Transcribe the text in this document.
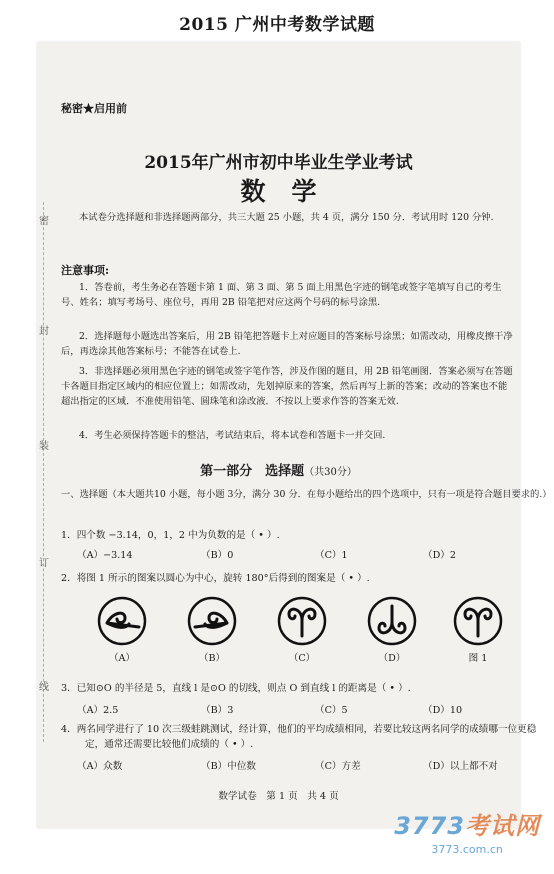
2015 广州中考数学试题
密
封
装
订
线
秘密★启用前
2015年广州市初中毕业生学业考试
数学
本试卷分选择题和非选择题两部分，共三大题 25 小题，共 4 页，满分 150 分．考试用时 120 分钟.
注意事项:
1．答卷前，考生务必在答题卡第 1 面、第 3 面、第 5 面上用黑色字迹的钢笔或签字笔填写自己的考生号、姓名；填写考场号、座位号，再用 2B 铅笔把对应这两个号码的标号涂黑.
2．选择题每小题选出答案后，用 2B 铅笔把答题卡上对应题目的答案标号涂黑；如需改动，用橡皮擦干净后，再选涂其他答案标号；不能答在试卷上.
3．非选择题必须用黑色字迹的钢笔或签字笔作答，涉及作图的题目，用 2B 铅笔画图．答案必须写在答题卡各题目指定区域内的相应位置上；如需改动，先划掉原来的答案，然后再写上新的答案；改动的答案也不能超出指定的区域．不准使用铅笔、圆珠笔和涂改液．不按以上要求作答的答案无效.
4．考生必须保持答题卡的整洁，考试结束后，将本试卷和答题卡一并交回.
第一部分　选择题（共30分）
一、选择题（本大题共10 小题，每小题 3分，满分 30 分．在每小题给出的四个选项中，只有一项是符合题目要求的.）
1．四个数 −3.14，0，1，2 中为负数的是（ • ）.
（A）−3.14	（B）0	（C）1	（D）2
2．将图 1 所示的图案以圆心为中心，旋转 180°后得到的图案是（ • ）.
（A）	（B）	（C）	（D）	图 1
3．已知⊙O 的半径是 5，直线 l 是⊙O 的切线，则点 O 到直线 l 的距离是（ • ）.
（A）2.5	（B）3	（C）5	（D）10
4．两名同学进行了 10 次三级蛙跳测试，经计算，他们的平均成绩相同，若要比较这两名同学的成绩哪一位更稳定，通常还需要比较他们成绩的（ • ）.
（A）众数	（B）中位数	（C）方差	（D）以上都不对
数学试卷　第 1 页　共 4 页
3773考试网
3773.com.cn
